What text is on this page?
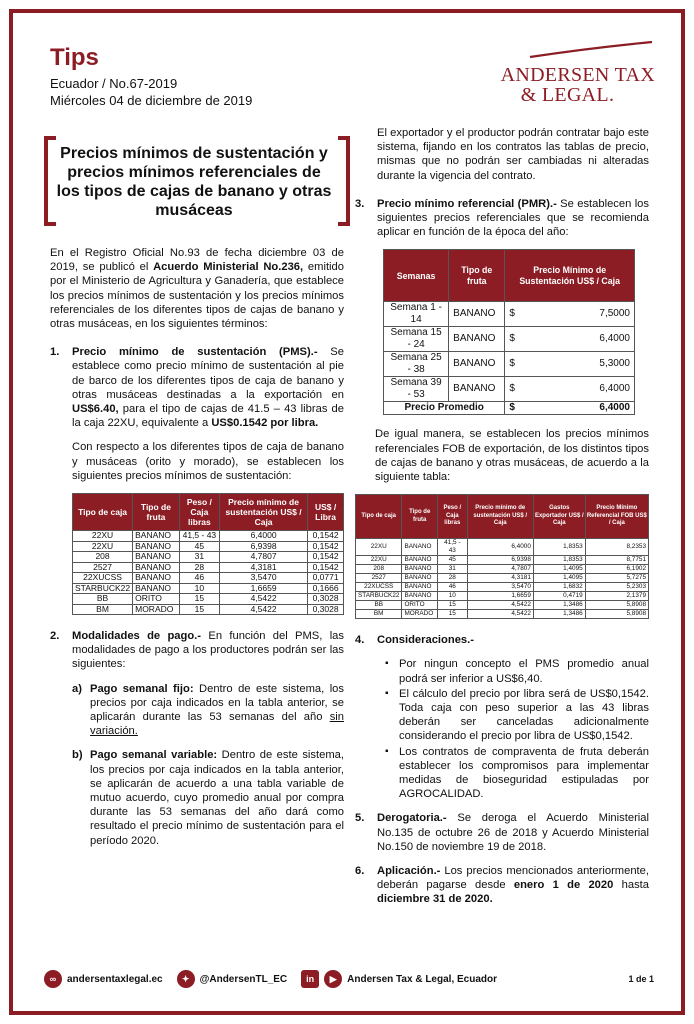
Tips
Ecuador / No.67-2019
Miércoles 04 de diciembre de 2019
ANDERSEN TAX
& LEGAL.
Precios mínimos de sustentación y precios mínimos referenciales de los tipos de cajas de banano y otras musáceas

En el Registro Oficial No.93 de fecha diciembre 03 de 2019, se publicó el Acuerdo Ministerial No.236, emitido por el Ministerio de Agricultura y Ganadería, que establece los precios mínimos de sustentación y los precios mínimos referenciales de los diferentes tipos de cajas de banano y otras musáceas, en los siguientes términos:

1.	Precio mínimo de sustentación (PMS).- Se establece como precio mínimo de sustentación al pie de barco de los diferentes tipos de caja de banano y otras musáceas destinadas a la exportación en US$6.40, para el tipo de cajas de 41.5 – 43 libras de la caja 22XU, equivalente a US$0.1542 por libra.

Con respecto a los diferentes tipos de caja de banano y musáceas (orito y morado), se establecen los siguientes precios mínimos de sustentación:

Tipo de caja	Tipo de fruta	Peso / Caja libras	Precio mínimo de sustentación US$ / Caja	US$ / Libra
22XU	BANANO	41,5 - 43	6,4000	0,1542
22XU	BANANO	45	6,9398	0,1542
208	BANANO	31	4,7807	0,1542
2527	BANANO	28	4,3181	0,1542
22XUCSS	BANANO	46	3,5470	0,0771
STARBUCK22	BANANO	10	1,6659	0,1666
BB	ORITO	15	4,5422	0,3028
BM	MORADO	15	4,5422	0,3028
2.	Modalidades de pago.- En función del PMS, las modalidades de pago a los productores podrán ser las siguientes:

a) Pago semanal fijo: Dentro de este sistema, los precios por caja indicados en la tabla anterior, se aplicarán durante las 53 semanas del año sin variación.

b) Pago semanal variable: Dentro de este sistema, los precios por caja indicados en la tabla anterior, se aplicarán de acuerdo a una tabla variable de mutuo acuerdo, cuyo promedio anual por compra durante las 53 semanas del año dará como resultado el precio mínimo de sustentación para el período 2020.

El exportador y el productor podrán contratar bajo este sistema, fijando en los contratos las tablas de precio, mismas que no podrán ser cambiadas ni alteradas durante la vigencia del contrato.

3.	Precio mínimo referencial (PMR).- Se establecen los siguientes precios referenciales que se recomienda aplicar en función de la época del año:

Semanas	Tipo de fruta	Precio Mínimo de Sustentación US$ / Caja
Semana 1 - 14	BANANO	$ 7,5000

Semana 15 - 24	BANANO	$ 6,4000

Semana 25 - 38	BANANO	$ 5,3000

Semana 39 - 53	BANANO	$ 6,4000

Precio Promedio		$ 6,4000

De igual manera, se establecen los precios mínimos referenciales FOB de exportación, de los distintos tipos de cajas de banano y otras musáceas, de acuerdo a la siguiente tabla:

Tipo de caja	Tipo de fruta	Peso / Caja libras	Precio mínimo de sustentación US$ / Caja	Gastos Exportador US$ / Caja	Precio Mínimo Referencial FOB US$ / Caja
22XU	BANANO	41,5 - 43	6,4000	1,8353	8,2353
22XU	BANANO	45	6,9398	1,8353	8,7751
208	BANANO	31	4,7807	1,4095	6,1902
2527	BANANO	28	4,3181	1,4095	5,7275
22XUCSS	BANANO	46	3,5470	1,6832	5,2303
STARBUCK22	BANANO	10	1,6659	0,4719	2,1379
BB	ORITO	15	4,5422	1,3486	5,8908
BM	MORADO	15	4,5422	1,3486	5,8908
4.	Consideraciones.-

▪ Por ningun concepto el PMS promedio anual podrá ser inferior a US$6,40.
▪ El cálculo del precio por libra será de US$0,1542. Toda caja con peso superior a las 43 libras deberán ser canceladas adicionalmente considerando el precio por libra de US$0,1542.
▪ Los contratos de compraventa de fruta deberán establecer los compromisos para implementar medidas de bioseguridad estipuladas por AGROCALIDAD.
5.	Derogatoria.- Se deroga el Acuerdo Ministerial No.135 de octubre 26 de 2018 y Acuerdo Ministerial No.150 de noviembre 19 de 2018.

6.	Aplicación.- Los precios mencionados anteriormente, deberán pagarse desde enero 1 de 2020 hasta diciembre 31 de 2020.

∞	andersentaxlegal.ec	✦	@AndersenTL_EC	in	▶	Andersen Tax & Legal, Ecuador	1 de 1
